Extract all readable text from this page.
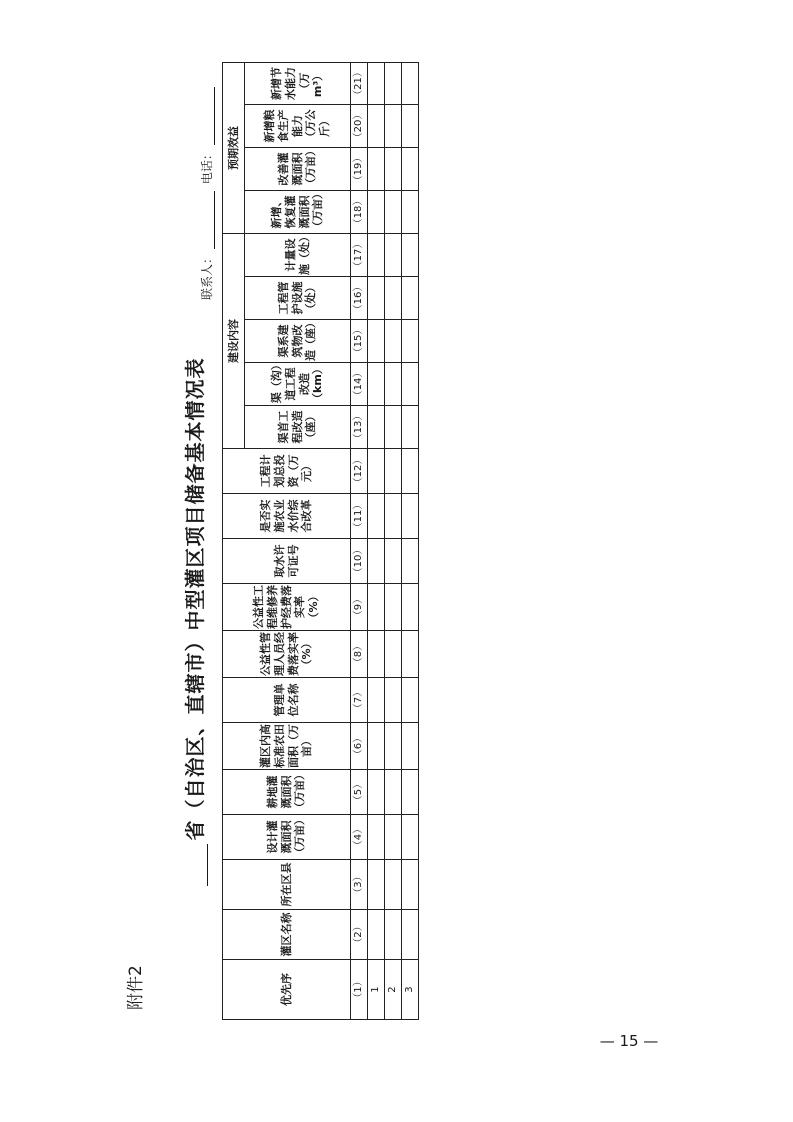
附件2
省（自治区、直辖市）中型灌区项目储备基本情况表
联系人： 电话：
优先序	灌区名称	所在区县	设计灌溉面积（万亩）	耕地灌溉面积（万亩）	灌区内高标准农田面积（万亩）	管理单位名称	公益性管理人员经费落实率（%）	公益性工程维修养护经费落实率（%）	取水许可证号	是否实施农业水价综合改革	工程计划总投资（万元）	建设内容					预期效益			
												渠首工程改造（座）	渠（沟）道工程改造（km）	渠系建筑物改造（座）	工程管护设施（处）	计量设施（处）	新增、恢复灌溉面积（万亩）	改善灌溉面积（万亩）	新增粮食生产能力（万公斤）	新增节水能力（万m³）
（1）	（2）	（3）	（4）	（5）	（6）	（7）	（8）	（9）	（10）	（11）	（12）	（13）	（14）	（15）	（16）	（17）	（18）	（19）	（20）	（21）
1																				
2																				
3																				
— 15 —
